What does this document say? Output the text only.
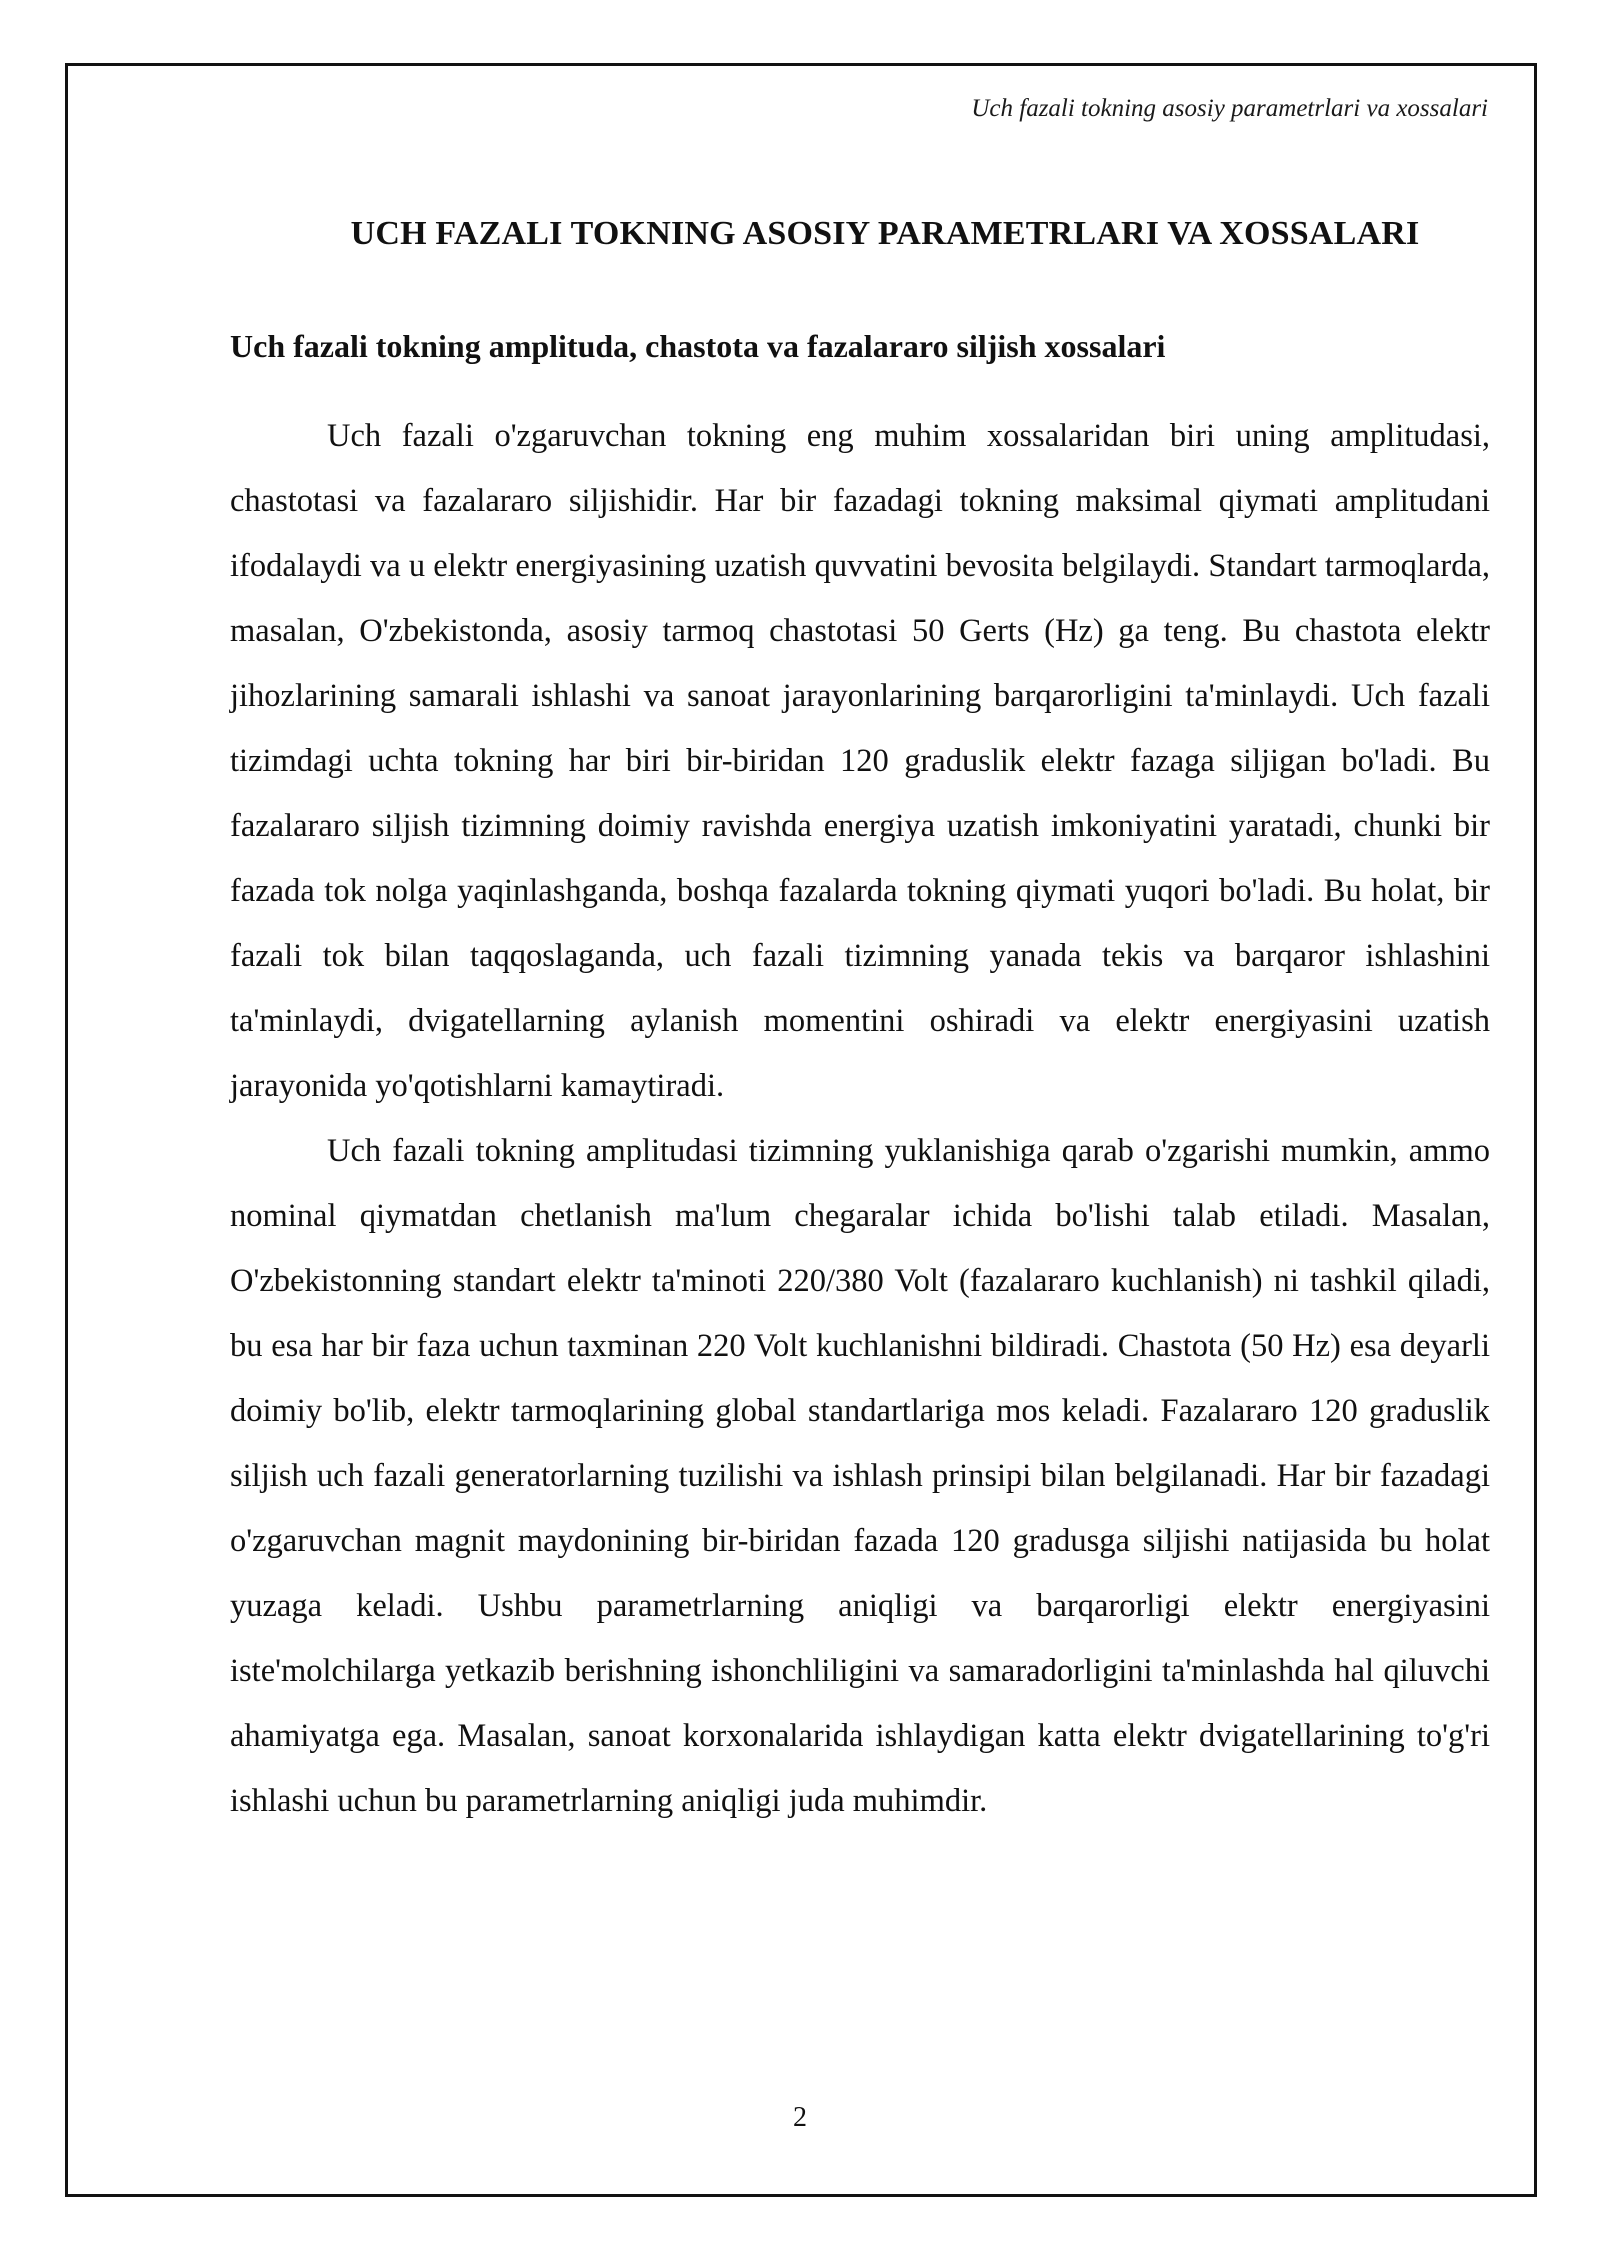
Uch fazali tokning asosiy parametrlari va xossalari
UCH FAZALI TOKNING ASOSIY PARAMETRLARI VA XOSSALARI
Uch fazali tokning amplituda, chastota va fazalararo siljish xossalari

Uch fazali o'zgaruvchan tokning eng muhim xossalaridan biri uning amplitudasi, chastotasi va fazalararo siljishidir. Har bir fazadagi tokning maksimal qiymati amplitudani ifodalaydi va u elektr energiyasining uzatish quvvatini bevosita belgilaydi. Standart tarmoqlarda, masalan, O'zbekistonda, asosiy tarmoq chastotasi 50 Gerts (Hz) ga teng. Bu chastota elektr jihozlarining samarali ishlashi va sanoat jarayonlarining barqarorligini ta'minlaydi. Uch fazali tizimdagi uchta tokning har biri bir-biridan 120 graduslik elektr fazaga siljigan bo'ladi. Bu fazalararo siljish tizimning doimiy ravishda energiya uzatish imkoniyatini yaratadi, chunki bir fazada tok nolga yaqinlashganda, boshqa fazalarda tokning qiymati yuqori bo'ladi. Bu holat, bir fazali tok bilan taqqoslaganda, uch fazali tizimning yanada tekis va barqaror ishlashini ta'minlaydi, dvigatellarning aylanish momentini oshiradi va elektr energiyasini uzatish jarayonida yo'qotishlarni kamaytiradi.

Uch fazali tokning amplitudasi tizimning yuklanishiga qarab o'zgarishi mumkin, ammo nominal qiymatdan chetlanish ma'lum chegaralar ichida bo'lishi talab etiladi. Masalan, O'zbekistonning standart elektr ta'minoti 220/380 Volt (fazalararo kuchlanish) ni tashkil qiladi, bu esa har bir faza uchun taxminan 220 Volt kuchlanishni bildiradi. Chastota (50 Hz) esa deyarli doimiy bo'lib, elektr tarmoqlarining global standartlariga mos keladi. Fazalararo 120 graduslik siljish uch fazali generatorlarning tuzilishi va ishlash prinsipi bilan belgilanadi. Har bir fazadagi o'zgaruvchan magnit maydonining bir-biridan fazada 120 gradusga siljishi natijasida bu holat yuzaga keladi. Ushbu parametrlarning aniqligi va barqarorligi elektr energiyasini iste'molchilarga yetkazib berishning ishonchliligini va samaradorligini ta'minlashda hal qiluvchi ahamiyatga ega. Masalan, sanoat korxonalarida ishlaydigan katta elektr dvigatellarining to'g'ri ishlashi uchun bu parametrlarning aniqligi juda muhimdir.

2
